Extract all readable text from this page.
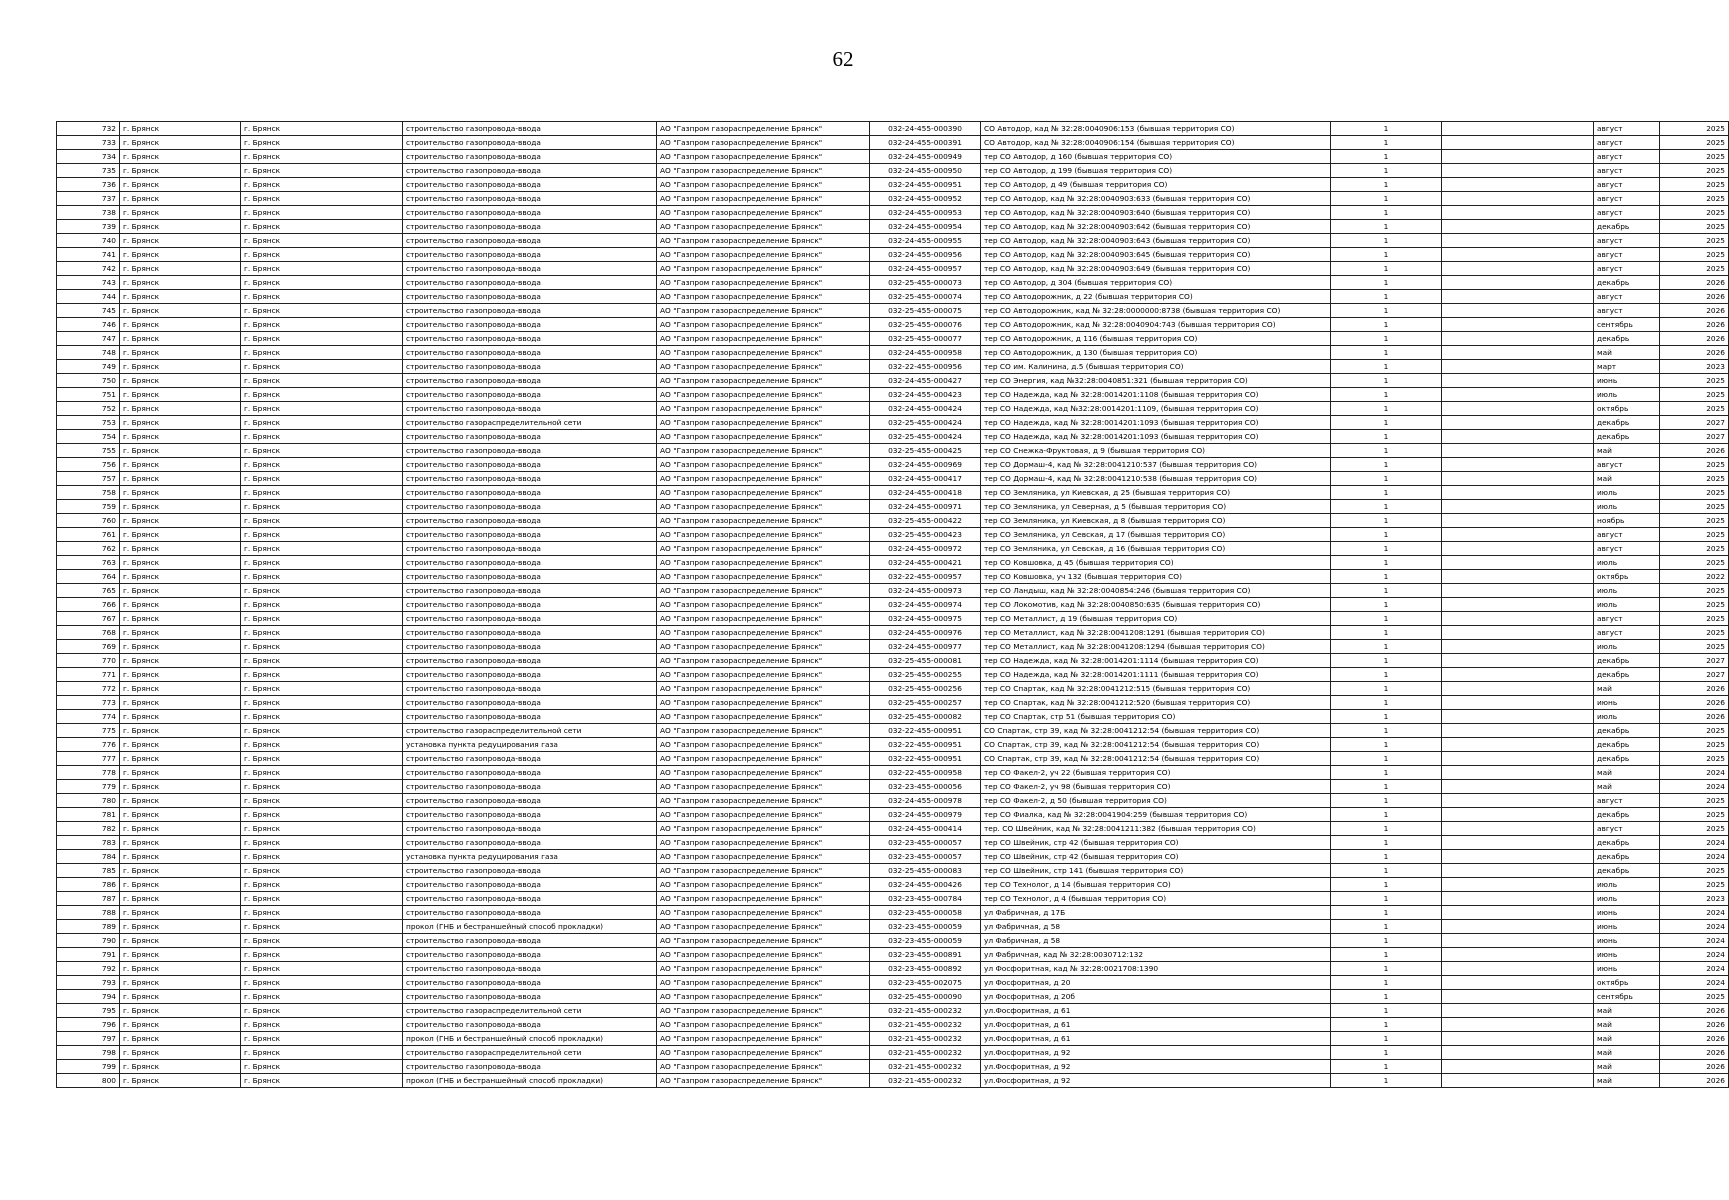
62
732	г. Брянск	г. Брянск	строительство газопровода-ввода	АО "Газпром газораспределение Брянск"	032-24-455-000390	СО Автодор, кад № 32:28:0040906:153 (бывшая территория СО)	1		август	2025
733	г. Брянск	г. Брянск	строительство газопровода-ввода	АО "Газпром газораспределение Брянск"	032-24-455-000391	СО Автодор, кад № 32:28:0040906:154 (бывшая территория СО)	1		август	2025
734	г. Брянск	г. Брянск	строительство газопровода-ввода	АО "Газпром газораспределение Брянск"	032-24-455-000949	тер СО Автодор, д 160 (бывшая территория СО)	1		август	2025
735	г. Брянск	г. Брянск	строительство газопровода-ввода	АО "Газпром газораспределение Брянск"	032-24-455-000950	тер СО Автодор, д 199 (бывшая территория СО)	1		август	2025
736	г. Брянск	г. Брянск	строительство газопровода-ввода	АО "Газпром газораспределение Брянск"	032-24-455-000951	тер СО Автодор, д 49 (бывшая территория СО)	1		август	2025
737	г. Брянск	г. Брянск	строительство газопровода-ввода	АО "Газпром газораспределение Брянск"	032-24-455-000952	тер СО Автодор, кад № 32:28:0040903:633 (бывшая территория СО)	1		август	2025
738	г. Брянск	г. Брянск	строительство газопровода-ввода	АО "Газпром газораспределение Брянск"	032-24-455-000953	тер СО Автодор, кад № 32:28:0040903:640 (бывшая территория СО)	1		август	2025
739	г. Брянск	г. Брянск	строительство газопровода-ввода	АО "Газпром газораспределение Брянск"	032-24-455-000954	тер СО Автодор, кад № 32:28:0040903:642 (бывшая территория СО)	1		декабрь	2025
740	г. Брянск	г. Брянск	строительство газопровода-ввода	АО "Газпром газораспределение Брянск"	032-24-455-000955	тер СО Автодор, кад № 32:28:0040903:643 (бывшая территория СО)	1		август	2025
741	г. Брянск	г. Брянск	строительство газопровода-ввода	АО "Газпром газораспределение Брянск"	032-24-455-000956	тер СО Автодор, кад № 32:28:0040903:645 (бывшая территория СО)	1		август	2025
742	г. Брянск	г. Брянск	строительство газопровода-ввода	АО "Газпром газораспределение Брянск"	032-24-455-000957	тер СО Автодор, кад № 32:28:0040903:649 (бывшая территория СО)	1		август	2025
743	г. Брянск	г. Брянск	строительство газопровода-ввода	АО "Газпром газораспределение Брянск"	032-25-455-000073	тер СО Автодор, д 304 (бывшая территория СО)	1		декабрь	2026
744	г. Брянск	г. Брянск	строительство газопровода-ввода	АО "Газпром газораспределение Брянск"	032-25-455-000074	тер СО Автодорожник, д 22 (бывшая территория СО)	1		август	2026
745	г. Брянск	г. Брянск	строительство газопровода-ввода	АО "Газпром газораспределение Брянск"	032-25-455-000075	тер СО Автодорожник, кад № 32:28:0000000:8738 (бывшая территория СО)	1		август	2026
746	г. Брянск	г. Брянск	строительство газопровода-ввода	АО "Газпром газораспределение Брянск"	032-25-455-000076	тер СО Автодорожник, кад № 32:28:0040904:743 (бывшая территория СО)	1		сентябрь	2026
747	г. Брянск	г. Брянск	строительство газопровода-ввода	АО "Газпром газораспределение Брянск"	032-25-455-000077	тер СО Автодорожник, д 116 (бывшая территория СО)	1		декабрь	2026
748	г. Брянск	г. Брянск	строительство газопровода-ввода	АО "Газпром газораспределение Брянск"	032-24-455-000958	тер СО Автодорожник, д 130 (бывшая территория СО)	1		май	2026
749	г. Брянск	г. Брянск	строительство газопровода-ввода	АО "Газпром газораспределение Брянск"	032-22-455-000956	тер СО им. Калинина, д.5 (бывшая территория СО)	1		март	2023
750	г. Брянск	г. Брянск	строительство газопровода-ввода	АО "Газпром газораспределение Брянск"	032-24-455-000427	тер СО Энергия, кад №32:28:0040851:321 (бывшая территория СО)	1		июнь	2025
751	г. Брянск	г. Брянск	строительство газопровода-ввода	АО "Газпром газораспределение Брянск"	032-24-455-000423	тер СО Надежда, кад № 32:28:0014201:1108 (бывшая территория СО)	1		июль	2025
752	г. Брянск	г. Брянск	строительство газопровода-ввода	АО "Газпром газораспределение Брянск"	032-24-455-000424	тер СО Надежда, кад №32:28:0014201:1109, (бывшая территория СО)	1		октябрь	2025
753	г. Брянск	г. Брянск	строительство газораспределительной сети	АО "Газпром газораспределение Брянск"	032-25-455-000424	тер СО Надежда, кад № 32:28:0014201:1093 (бывшая территория СО)	1		декабрь	2027
754	г. Брянск	г. Брянск	строительство газопровода-ввода	АО "Газпром газораспределение Брянск"	032-25-455-000424	тер СО Надежда, кад № 32:28:0014201:1093 (бывшая территория СО)	1		декабрь	2027
755	г. Брянск	г. Брянск	строительство газопровода-ввода	АО "Газпром газораспределение Брянск"	032-25-455-000425	тер СО Снежка-Фруктовая, д 9 (бывшая территория СО)	1		май	2026
756	г. Брянск	г. Брянск	строительство газопровода-ввода	АО "Газпром газораспределение Брянск"	032-24-455-000969	тер СО Дормаш-4, кад № 32:28:0041210:537 (бывшая территория СО)	1		август	2025
757	г. Брянск	г. Брянск	строительство газопровода-ввода	АО "Газпром газораспределение Брянск"	032-24-455-000417	тер СО Дормаш-4, кад № 32:28:0041210:538 (бывшая территория СО)	1		май	2025
758	г. Брянск	г. Брянск	строительство газопровода-ввода	АО "Газпром газораспределение Брянск"	032-24-455-000418	тер СО Земляника, ул Киевская, д 25 (бывшая территория СО)	1		июль	2025
759	г. Брянск	г. Брянск	строительство газопровода-ввода	АО "Газпром газораспределение Брянск"	032-24-455-000971	тер СО Земляника, ул Северная, д 5 (бывшая территория СО)	1		июль	2025
760	г. Брянск	г. Брянск	строительство газопровода-ввода	АО "Газпром газораспределение Брянск"	032-25-455-000422	тер СО Земляника, ул Киевская, д 8 (бывшая территория СО)	1		ноябрь	2025
761	г. Брянск	г. Брянск	строительство газопровода-ввода	АО "Газпром газораспределение Брянск"	032-25-455-000423	тер СО Земляника, ул Севская, д 17 (бывшая территория СО)	1		август	2025
762	г. Брянск	г. Брянск	строительство газопровода-ввода	АО "Газпром газораспределение Брянск"	032-24-455-000972	тер СО Земляника, ул Севская, д 16 (бывшая территория СО)	1		август	2025
763	г. Брянск	г. Брянск	строительство газопровода-ввода	АО "Газпром газораспределение Брянск"	032-24-455-000421	тер СО Ковшовка, д 45 (бывшая территория СО)	1		июль	2025
764	г. Брянск	г. Брянск	строительство газопровода-ввода	АО "Газпром газораспределение Брянск"	032-22-455-000957	тер СО Ковшовка, уч 132 (бывшая территория СО)	1		октябрь	2022
765	г. Брянск	г. Брянск	строительство газопровода-ввода	АО "Газпром газораспределение Брянск"	032-24-455-000973	тер СО Ландыш, кад № 32:28:0040854:246 (бывшая территория СО)	1		июль	2025
766	г. Брянск	г. Брянск	строительство газопровода-ввода	АО "Газпром газораспределение Брянск"	032-24-455-000974	тер СО Локомотив, кад № 32:28:0040850:635 (бывшая территория СО)	1		июль	2025
767	г. Брянск	г. Брянск	строительство газопровода-ввода	АО "Газпром газораспределение Брянск"	032-24-455-000975	тер СО Металлист, д 19 (бывшая территория СО)	1		август	2025
768	г. Брянск	г. Брянск	строительство газопровода-ввода	АО "Газпром газораспределение Брянск"	032-24-455-000976	тер СО Металлист, кад № 32:28:0041208:1291 (бывшая территория СО)	1		август	2025
769	г. Брянск	г. Брянск	строительство газопровода-ввода	АО "Газпром газораспределение Брянск"	032-24-455-000977	тер СО Металлист, кад № 32:28:0041208:1294 (бывшая территория СО)	1		июль	2025
770	г. Брянск	г. Брянск	строительство газопровода-ввода	АО "Газпром газораспределение Брянск"	032-25-455-000081	тер СО Надежда, кад № 32:28:0014201:1114 (бывшая территория СО)	1		декабрь	2027
771	г. Брянск	г. Брянск	строительство газопровода-ввода	АО "Газпром газораспределение Брянск"	032-25-455-000255	тер СО Надежда, кад № 32:28:0014201:1111 (бывшая территория СО)	1		декабрь	2027
772	г. Брянск	г. Брянск	строительство газопровода-ввода	АО "Газпром газораспределение Брянск"	032-25-455-000256	тер СО Спартак, кад № 32:28:0041212:515 (бывшая территория СО)	1		май	2026
773	г. Брянск	г. Брянск	строительство газопровода-ввода	АО "Газпром газораспределение Брянск"	032-25-455-000257	тер СО Спартак, кад № 32:28:0041212:520 (бывшая территория СО)	1		июнь	2026
774	г. Брянск	г. Брянск	строительство газопровода-ввода	АО "Газпром газораспределение Брянск"	032-25-455-000082	тер СО Спартак, стр 51 (бывшая территория СО)	1		июль	2026
775	г. Брянск	г. Брянск	строительство газораспределительной сети	АО "Газпром газораспределение Брянск"	032-22-455-000951	СО Спартак, стр 39, кад № 32:28:0041212:54 (бывшая территория СО)	1		декабрь	2025
776	г. Брянск	г. Брянск	установка пункта редуцирования газа	АО "Газпром газораспределение Брянск"	032-22-455-000951	СО Спартак, стр 39, кад № 32:28:0041212:54 (бывшая территория СО)	1		декабрь	2025
777	г. Брянск	г. Брянск	строительство газопровода-ввода	АО "Газпром газораспределение Брянск"	032-22-455-000951	СО Спартак, стр 39, кад № 32:28:0041212:54 (бывшая территория СО)	1		декабрь	2025
778	г. Брянск	г. Брянск	строительство газопровода-ввода	АО "Газпром газораспределение Брянск"	032-22-455-000958	тер СО Факел-2, уч 22 (бывшая территория СО)	1		май	2024
779	г. Брянск	г. Брянск	строительство газопровода-ввода	АО "Газпром газораспределение Брянск"	032-23-455-000056	тер СО Факел-2, уч 98 (бывшая территория СО)	1		май	2024
780	г. Брянск	г. Брянск	строительство газопровода-ввода	АО "Газпром газораспределение Брянск"	032-24-455-000978	тер СО Факел-2, д 50 (бывшая территория СО)	1		август	2025
781	г. Брянск	г. Брянск	строительство газопровода-ввода	АО "Газпром газораспределение Брянск"	032-24-455-000979	тер СО Фиалка, кад № 32:28:0041904:259 (бывшая территория СО)	1		декабрь	2025
782	г. Брянск	г. Брянск	строительство газопровода-ввода	АО "Газпром газораспределение Брянск"	032-24-455-000414	тер. СО Швейник, кад № 32:28:0041211:382 (бывшая территория СО)	1		август	2025
783	г. Брянск	г. Брянск	строительство газопровода-ввода	АО "Газпром газораспределение Брянск"	032-23-455-000057	тер СО Швейник, стр 42 (бывшая территория СО)	1		декабрь	2024
784	г. Брянск	г. Брянск	установка пункта редуцирования газа	АО "Газпром газораспределение Брянск"	032-23-455-000057	тер СО Швейник, стр 42 (бывшая территория СО)	1		декабрь	2024
785	г. Брянск	г. Брянск	строительство газопровода-ввода	АО "Газпром газораспределение Брянск"	032-25-455-000083	тер СО Швейник, стр 141 (бывшая территория СО)	1		декабрь	2025
786	г. Брянск	г. Брянск	строительство газопровода-ввода	АО "Газпром газораспределение Брянск"	032-24-455-000426	тер СО Технолог, д 14 (бывшая территория СО)	1		июль	2025
787	г. Брянск	г. Брянск	строительство газопровода-ввода	АО "Газпром газораспределение Брянск"	032-23-455-000784	тер СО Технолог, д 4 (бывшая территория СО)	1		июль	2023
788	г. Брянск	г. Брянск	строительство газопровода-ввода	АО "Газпром газораспределение Брянск"	032-23-455-000058	ул Фабричная, д 17Б	1		июнь	2024
789	г. Брянск	г. Брянск	прокол (ГНБ и бестраншейный способ прокладки)	АО "Газпром газораспределение Брянск"	032-23-455-000059	ул Фабричная, д 58	1		июнь	2024
790	г. Брянск	г. Брянск	строительство газопровода-ввода	АО "Газпром газораспределение Брянск"	032-23-455-000059	ул Фабричная, д 58	1		июнь	2024
791	г. Брянск	г. Брянск	строительство газопровода-ввода	АО "Газпром газораспределение Брянск"	032-23-455-000891	ул Фабричная, кад № 32:28:0030712:132	1		июнь	2024
792	г. Брянск	г. Брянск	строительство газопровода-ввода	АО "Газпром газораспределение Брянск"	032-23-455-000892	ул Фосфоритная, кад № 32:28:0021708:1390	1		июнь	2024
793	г. Брянск	г. Брянск	строительство газопровода-ввода	АО "Газпром газораспределение Брянск"	032-23-455-002075	ул Фосфоритная, д 20	1		октябрь	2024
794	г. Брянск	г. Брянск	строительство газопровода-ввода	АО "Газпром газораспределение Брянск"	032-25-455-000090	ул Фосфоритная, д 20б	1		сентябрь	2025
795	г. Брянск	г. Брянск	строительство газораспределительной сети	АО "Газпром газораспределение Брянск"	032-21-455-000232	ул.Фосфоритная, д 61	1		май	2026
796	г. Брянск	г. Брянск	строительство газопровода-ввода	АО "Газпром газораспределение Брянск"	032-21-455-000232	ул.Фосфоритная, д 61	1		май	2026
797	г. Брянск	г. Брянск	прокол (ГНБ и бестраншейный способ прокладки)	АО "Газпром газораспределение Брянск"	032-21-455-000232	ул.Фосфоритная, д 61	1		май	2026
798	г. Брянск	г. Брянск	строительство газораспределительной сети	АО "Газпром газораспределение Брянск"	032-21-455-000232	ул.Фосфоритная, д 92	1		май	2026
799	г. Брянск	г. Брянск	строительство газопровода-ввода	АО "Газпром газораспределение Брянск"	032-21-455-000232	ул.Фосфоритная, д 92	1		май	2026
800	г. Брянск	г. Брянск	прокол (ГНБ и бестраншейный способ прокладки)	АО "Газпром газораспределение Брянск"	032-21-455-000232	ул.Фосфоритная, д 92	1		май	2026
